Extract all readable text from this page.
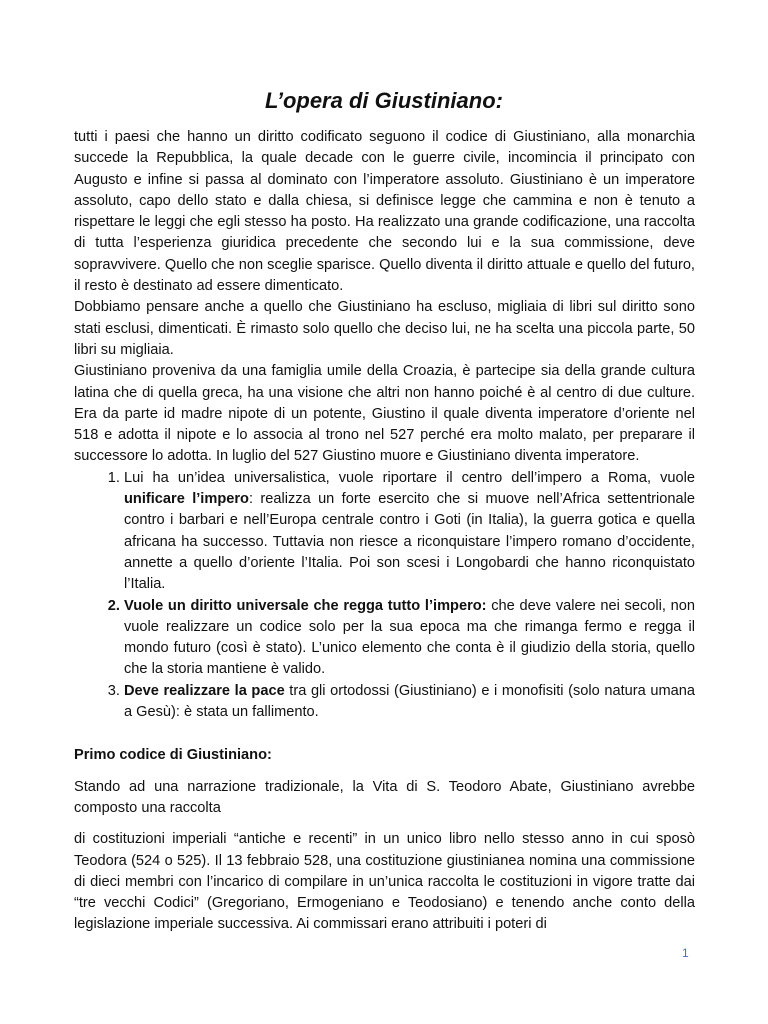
L’opera di Giustiniano:

tutti i paesi che hanno un diritto codificato seguono il codice di Giustiniano, alla monarchia succede la Repubblica, la quale decade con le guerre civile, incomincia il principato con Augusto e infine si passa al dominato con l’imperatore assoluto. Giustiniano è un imperatore assoluto, capo dello stato e dalla chiesa, si definisce legge che cammina e non è tenuto a rispettare le leggi che egli stesso ha posto. Ha realizzato una grande codificazione, una raccolta di tutta l’esperienza giuridica precedente che secondo lui e la sua commissione, deve sopravvivere. Quello che non sceglie sparisce. Quello diventa il diritto attuale e quello del futuro, il resto è destinato ad essere dimenticato.

Dobbiamo pensare anche a quello che Giustiniano ha escluso, migliaia di libri sul diritto sono stati esclusi, dimenticati. È rimasto solo quello che deciso lui, ne ha scelta una piccola parte, 50 libri su migliaia.

Giustiniano proveniva da una famiglia umile della Croazia, è partecipe sia della grande cultura latina che di quella greca, ha una visione che altri non hanno poiché è al centro di due culture. Era da parte id madre nipote di un potente, Giustino il quale diventa imperatore d’oriente nel 518 e adotta il nipote e lo associa al trono nel 527 perché era molto malato, per preparare il successore lo adotta. In luglio del 527 Giustino muore e Giustiniano diventa imperatore.

1. Lui ha un’idea universalistica, vuole riportare il centro dell’impero a Roma, vuole unificare l’impero: realizza un forte esercito che si muove nell’Africa settentrionale contro i barbari e nell’Europa centrale contro i Goti (in Italia), la guerra gotica e quella africana ha successo. Tuttavia non riesce a riconquistare l’impero romano d’occidente, annette a quello d’oriente l’Italia. Poi son scesi i Longobardi che hanno riconquistato l’Italia.
2. Vuole un diritto universale che regga tutto l’impero: che deve valere nei secoli, non vuole realizzare un codice solo per la sua epoca ma che rimanga fermo e regga il mondo futuro (così è stato). L’unico elemento che conta è il giudizio della storia, quello che la storia mantiene è valido.
3. Deve realizzare la pace tra gli ortodossi (Giustiniano) e i monofisiti (solo natura umana a Gesù): è stata un fallimento.

Primo codice di Giustiniano:

Stando ad una narrazione tradizionale, la Vita di S. Teodoro Abate, Giustiniano avrebbe composto una raccolta

di costituzioni imperiali “antiche e recenti” in un unico libro nello stesso anno in cui sposò Teodora (524 o 525). Il 13 febbraio 528, una costituzione giustinianea nomina una commissione di dieci membri con l’incarico di compilare in un’unica raccolta le costituzioni in vigore tratte dai “tre vecchi Codici” (Gregoriano, Ermogeniano e Teodosiano) e tenendo anche conto della legislazione imperiale successiva. Ai commissari erano attribuiti i poteri di

1
